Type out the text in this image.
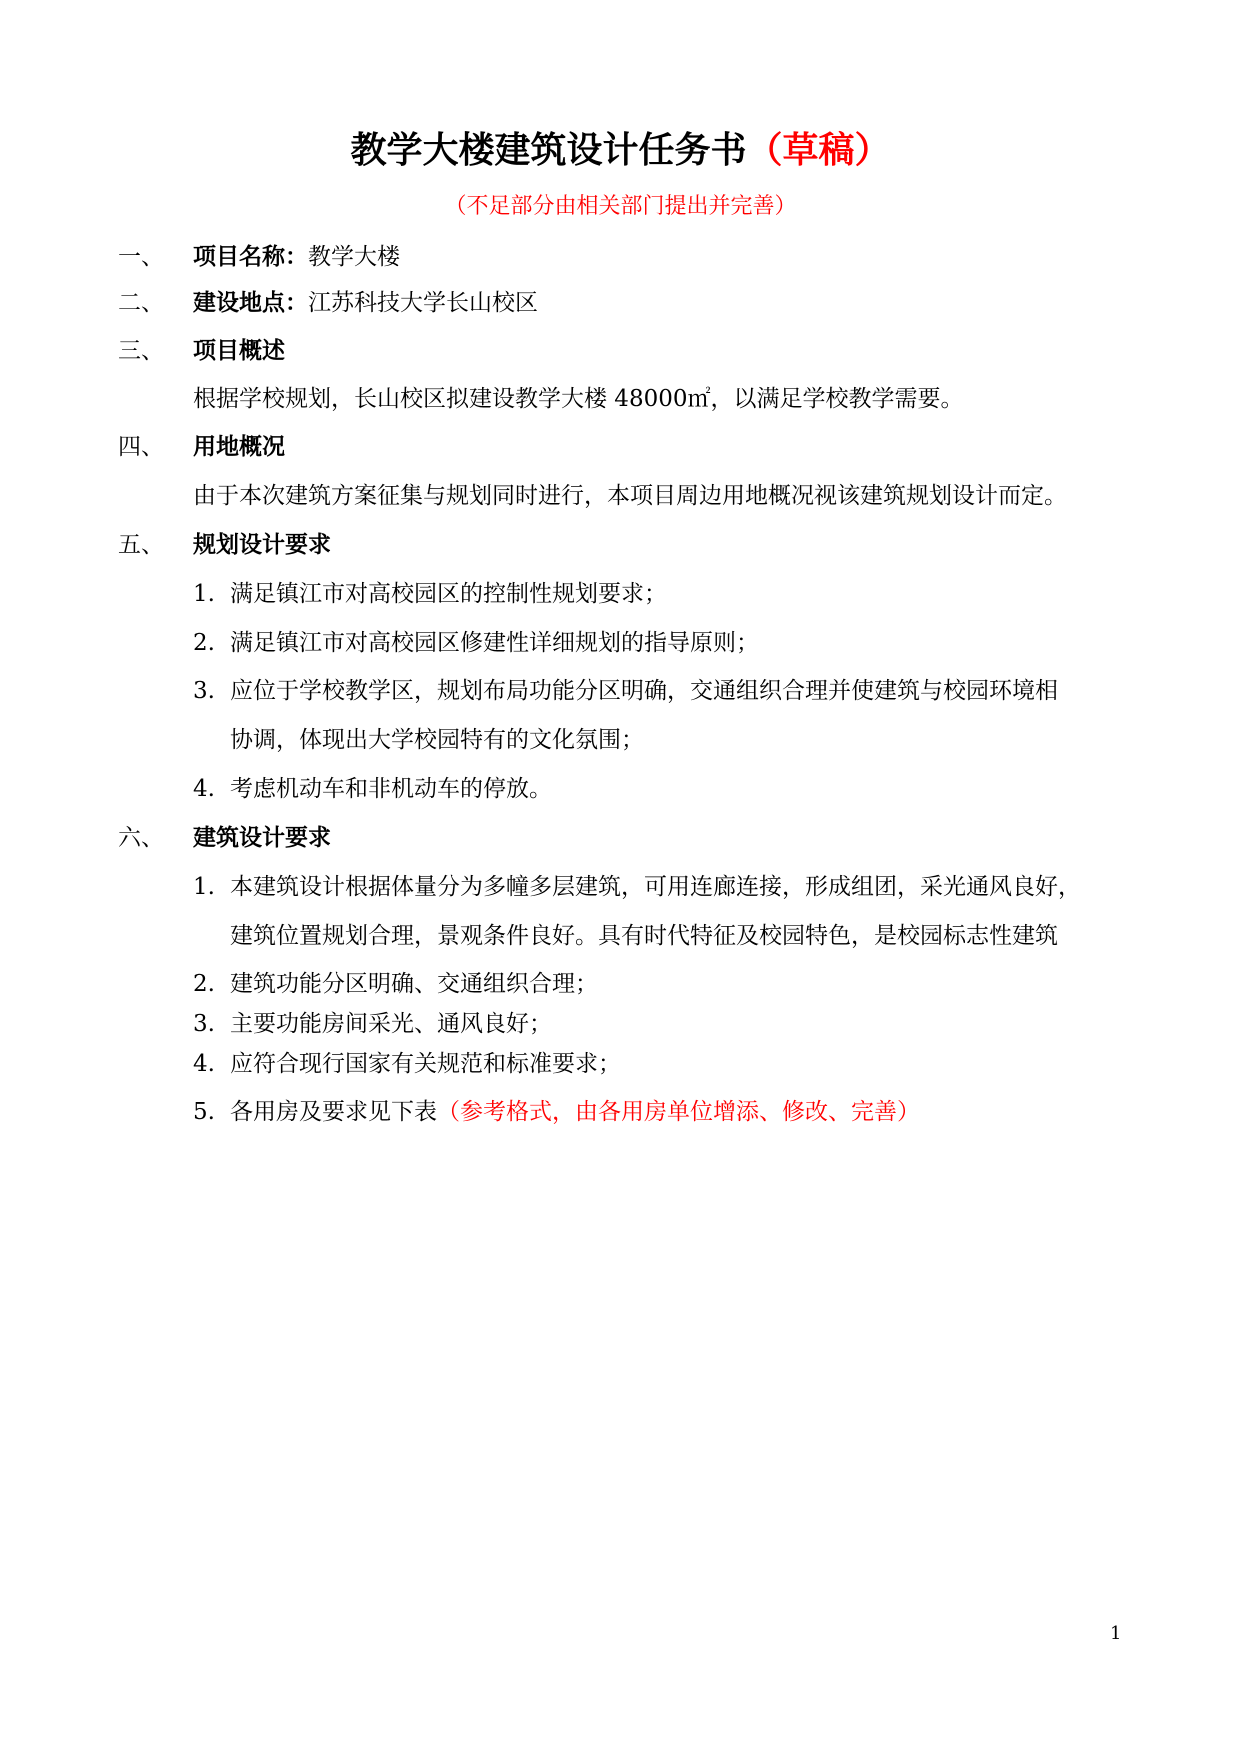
教学大楼建筑设计任务书（草稿）
（不足部分由相关部门提出并完善）
一、	项目名称：教学大楼
二、	建设地点：江苏科技大学长山校区
三、	项目概述
根据学校规划，长山校区拟建设教学大楼 48000㎡，以满足学校教学需要。
四、	用地概况
由于本次建筑方案征集与规划同时进行，本项目周边用地概况视该建筑规划设计而定。
五、	规划设计要求
1. 满足镇江市对高校园区的控制性规划要求；
2. 满足镇江市对高校园区修建性详细规划的指导原则；
3. 应位于学校教学区，规划布局功能分区明确，交通组织合理并使建筑与校园环境相
协调，体现出大学校园特有的文化氛围；
4. 考虑机动车和非机动车的停放。
六、	建筑设计要求
1. 本建筑设计根据体量分为多幢多层建筑，可用连廊连接，形成组团，采光通风良好，
建筑位置规划合理，景观条件良好。具有时代特征及校园特色，是校园标志性建筑
2. 建筑功能分区明确、交通组织合理；
3. 主要功能房间采光、通风良好；
4. 应符合现行国家有关规范和标准要求；
5. 各用房及要求见下表（参考格式，由各用房单位增添、修改、完善）
1
